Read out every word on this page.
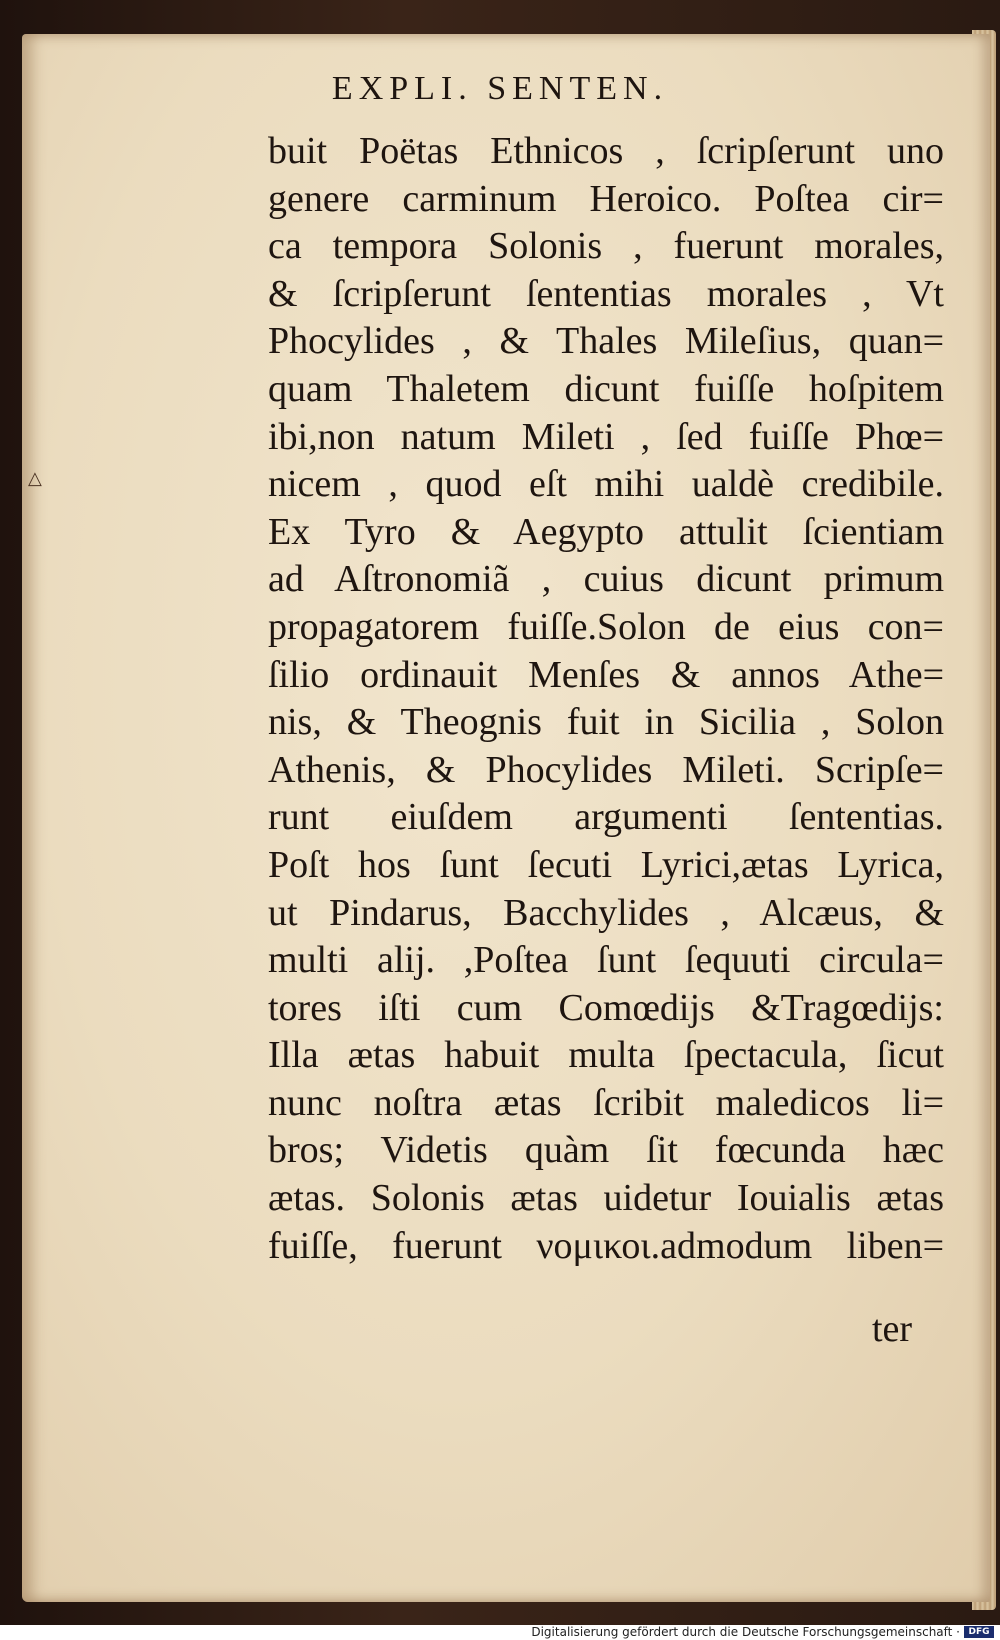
△
EXPLI. SENTEN.
buit Poëtas Ethnicos , ſcripſerunt uno
genere carminum Heroico. Poſtea cir=
ca tempora Solonis , fuerunt morales,
& ſcripſerunt ſententias morales , Vt
Phocylides , & Thales Mileſius, quan=
quam Thaletem dicunt fuiſſe hoſpitem
ibi,non natum Mileti , ſed fuiſſe Phœ=
nicem , quod eſt mihi ualdè credibile.
Ex Tyro & Aegypto attulit ſcientiam
ad Aſtronomiã , cuius dicunt primum
propagatorem fuiſſe.Solon de eius con=
ſilio ordinauit Menſes & annos Athe=
nis, & Theognis fuit in Sicilia , Solon
Athenis, & Phocylides Mileti. Scripſe=
runt eiuſdem argumenti ſententias.
Poſt hos ſunt ſecuti Lyrici,ætas Lyrica,
ut Pindarus, Bacchylides , Alcæus, &
multi alij. ,Poſtea ſunt ſequuti circula=
tores iſti cum Comœdijs &Tragœdijs:
Illa ætas habuit multa ſpectacula, ſicut
nunc noſtra ætas ſcribit maledicos li=
bros; Videtis quàm ſit fœcunda hæc
ætas. Solonis ætas uidetur Iouialis ætas
fuiſſe, fuerunt νομικοι.admodum liben=
ter
Digitalisierung gefördert durch die Deutsche Forschungsgemeinschaft · DFG
